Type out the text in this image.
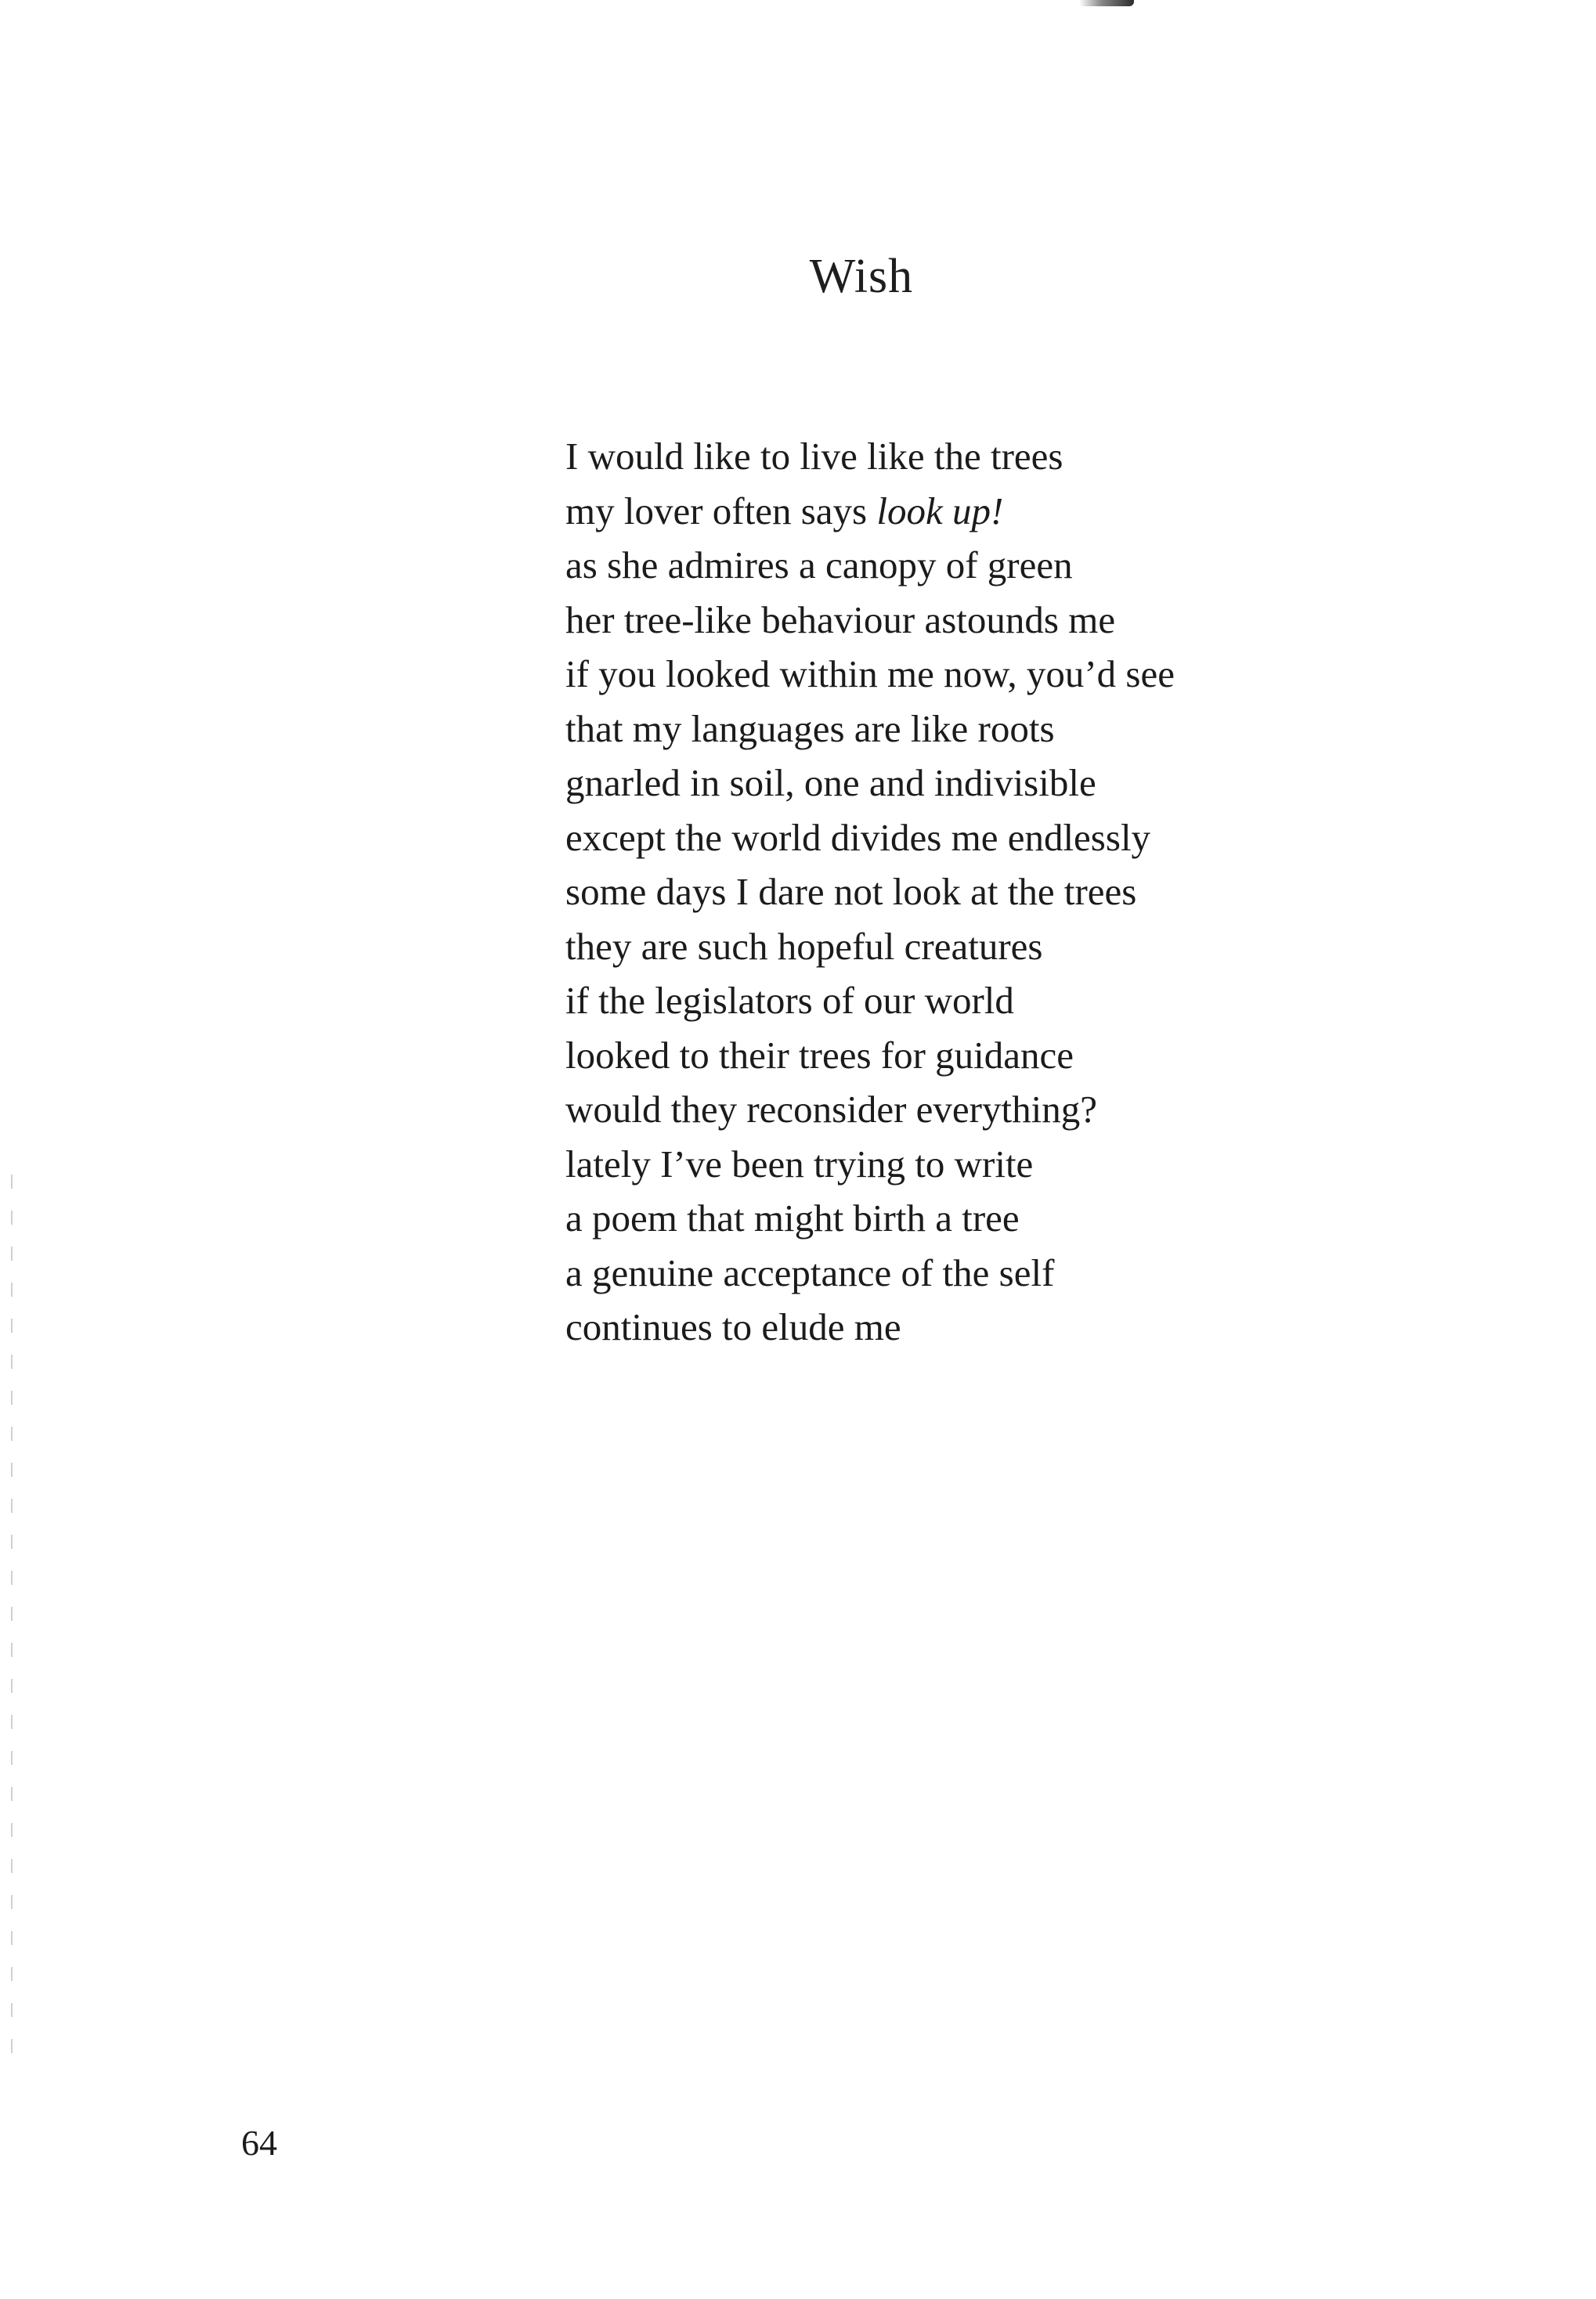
Wish
I would like to live like the trees
my lover often says look up!
as she admires a canopy of green
her tree-like behaviour astounds me
if you looked within me now, you’d see
that my languages are like roots
gnarled in soil, one and indivisible
except the world divides me endlessly
some days I dare not look at the trees
they are such hopeful creatures
if the legislators of our world
looked to their trees for guidance
would they reconsider everything?
lately I’ve been trying to write
a poem that might birth a tree
a genuine acceptance of the self
continues to elude me

64
